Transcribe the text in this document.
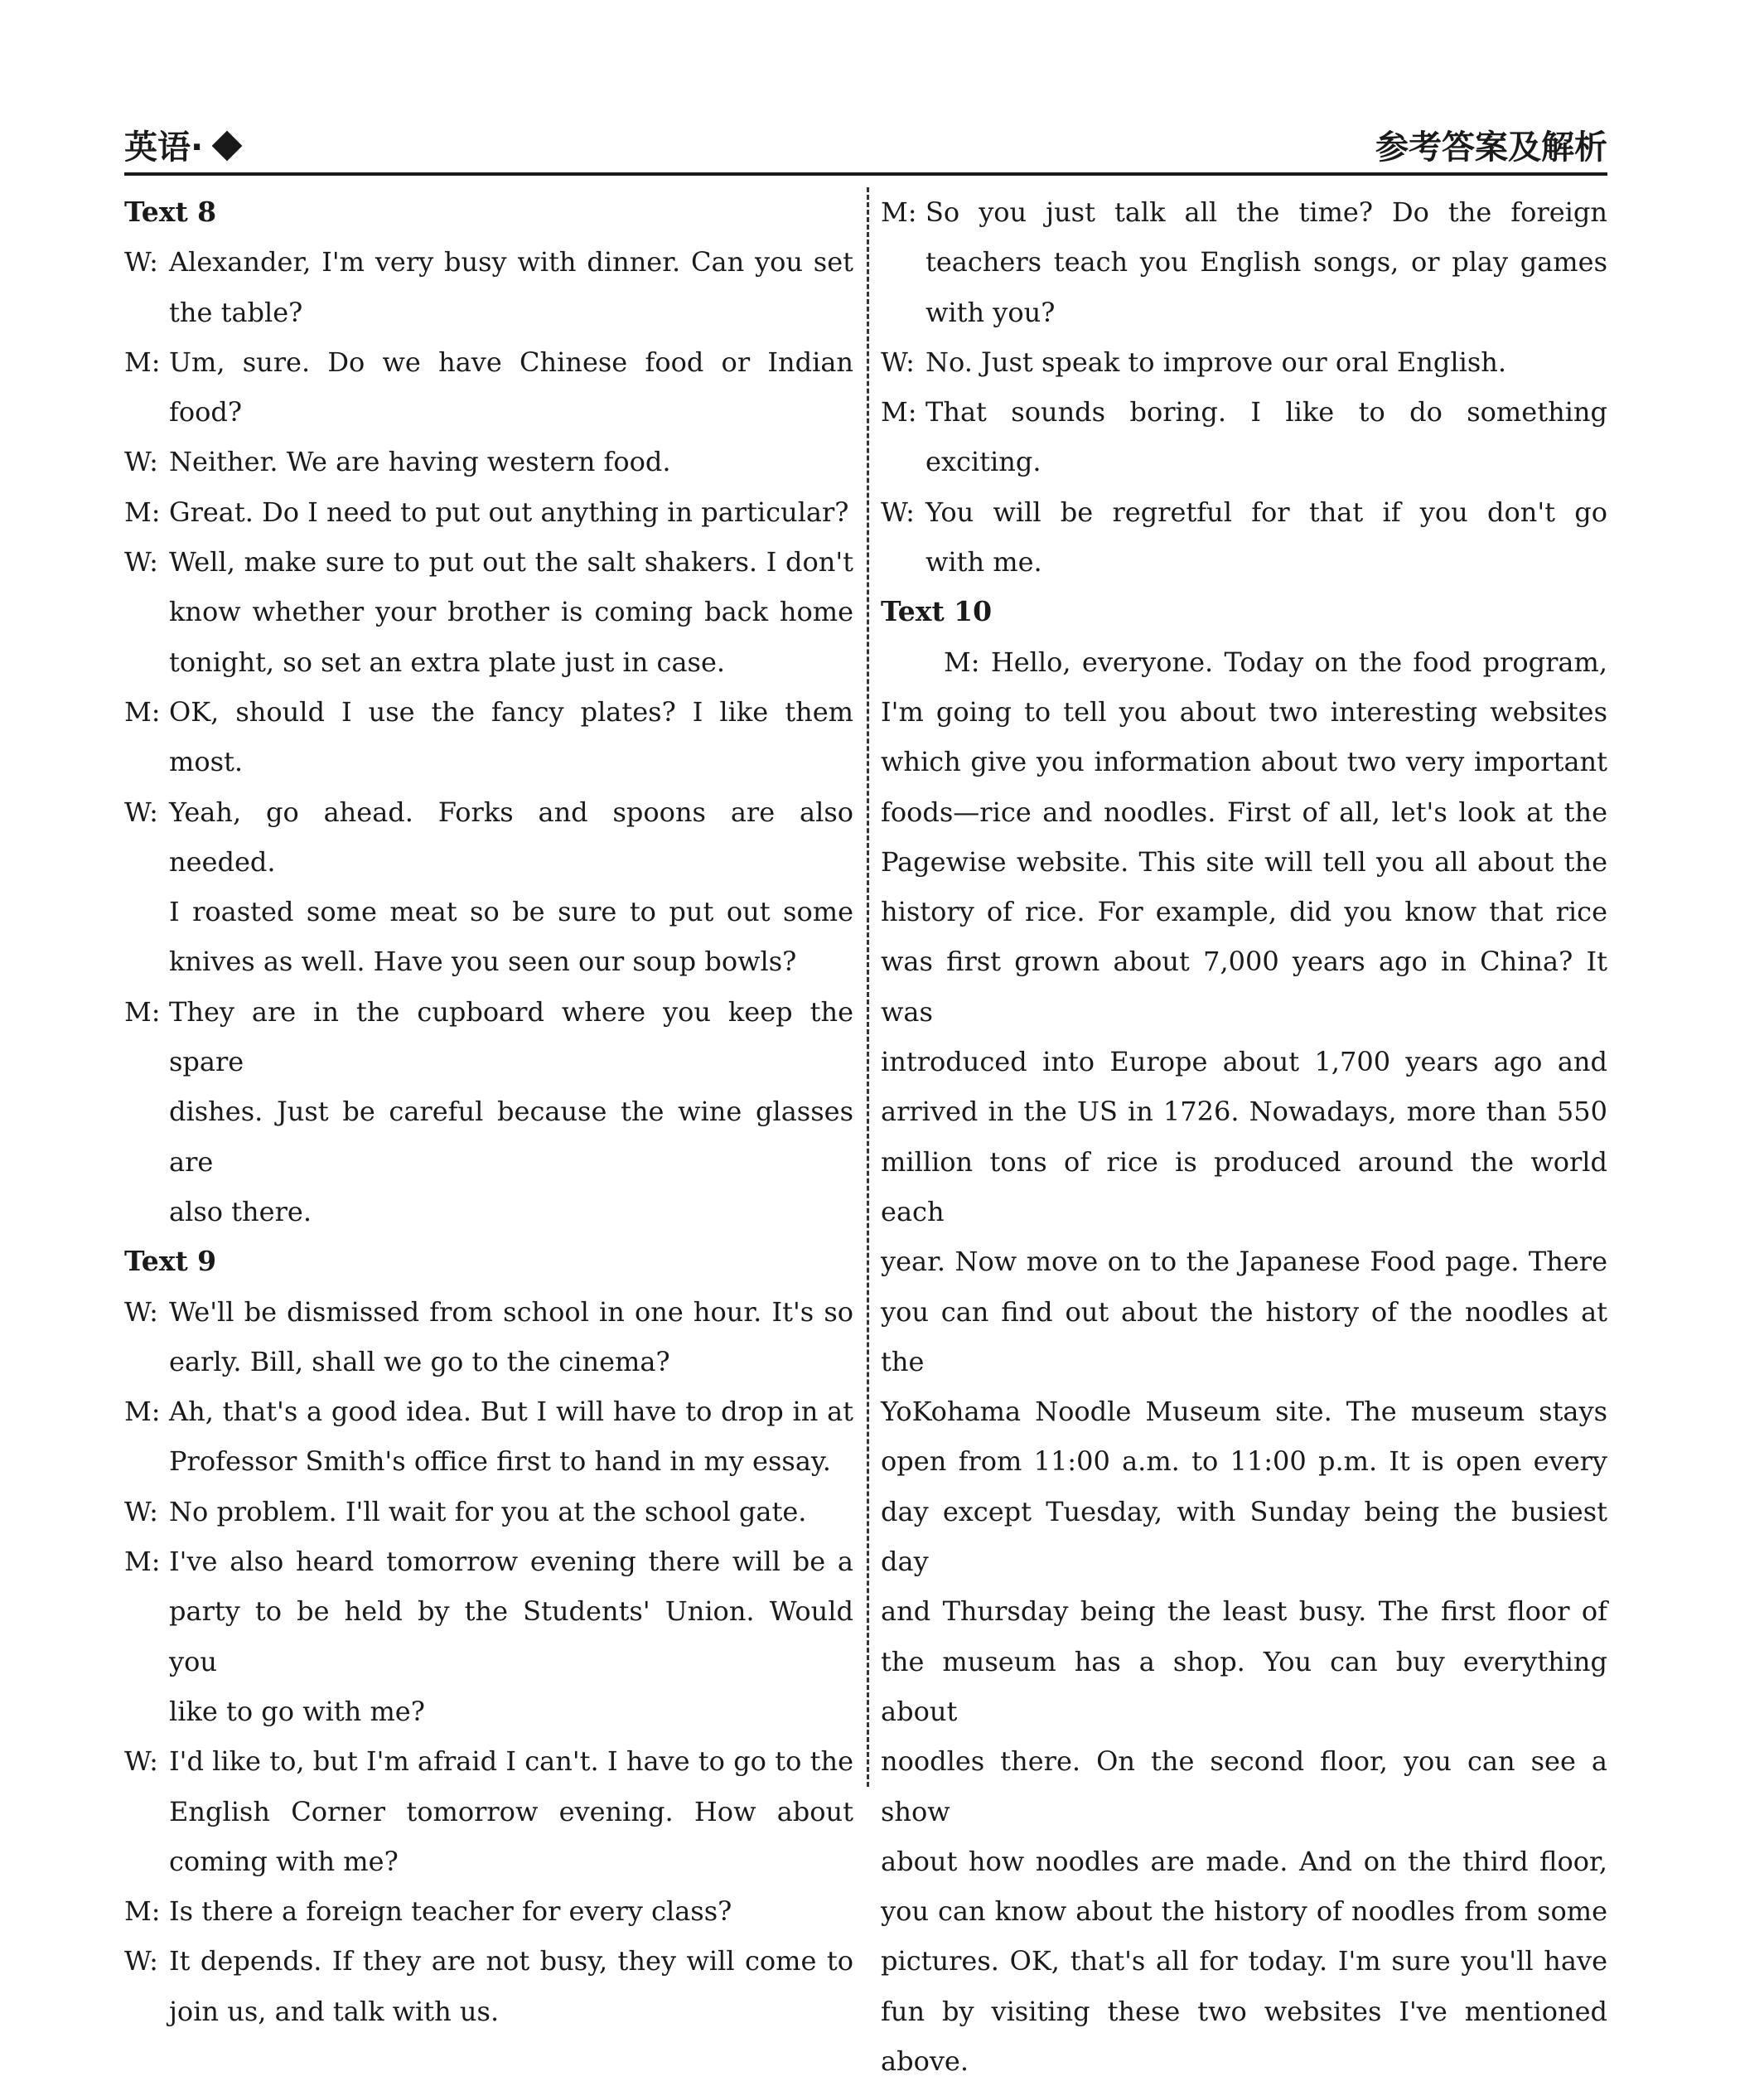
英语·	参考答案及解析
Text 8
W: Alexander, I'm very busy with dinner. Can you set
the table?
M: Um, sure. Do we have Chinese food or Indian food?
W: Neither. We are having western food.
M: Great. Do I need to put out anything in particular?
W: Well, make sure to put out the salt shakers. I don't
know whether your brother is coming back home
tonight, so set an extra plate just in case.
M: OK, should I use the fancy plates? I like them
most.
W: Yeah, go ahead. Forks and spoons are also needed.
I roasted some meat so be sure to put out some
knives as well. Have you seen our soup bowls?
M: They are in the cupboard where you keep the spare
dishes. Just be careful because the wine glasses are
also there.
Text 9
W: We'll be dismissed from school in one hour. It's so
early. Bill, shall we go to the cinema?
M: Ah, that's a good idea. But I will have to drop in at
Professor Smith's office first to hand in my essay.
W: No problem. I'll wait for you at the school gate.
M: I've also heard tomorrow evening there will be a
party to be held by the Students' Union. Would you
like to go with me?
W: I'd like to, but I'm afraid I can't. I have to go to the
English Corner tomorrow evening. How about
coming with me?
M: Is there a foreign teacher for every class?
W: It depends. If they are not busy, they will come to
join us, and talk with us.
M: So you just talk all the time? Do the foreign
teachers teach you English songs, or play games
with you?
W: No. Just speak to improve our oral English.
M: That sounds boring. I like to do something
exciting.
W: You will be regretful for that if you don't go
with me.
Text 10
M: Hello, everyone. Today on the food program,
I'm going to tell you about two interesting websites
which give you information about two very important
foods—rice and noodles. First of all, let's look at the
Pagewise website. This site will tell you all about the
history of rice. For example, did you know that rice
was first grown about 7,000 years ago in China? It was
introduced into Europe about 1,700 years ago and
arrived in the US in 1726. Nowadays, more than 550
million tons of rice is produced around the world each
year. Now move on to the Japanese Food page. There
you can find out about the history of the noodles at the
YoKohama Noodle Museum site. The museum stays
open from 11:00 a.m. to 11:00 p.m. It is open every
day except Tuesday, with Sunday being the busiest day
and Thursday being the least busy. The first floor of
the museum has a shop. You can buy everything about
noodles there. On the second floor, you can see a show
about how noodles are made. And on the third floor,
you can know about the history of noodles from some
pictures. OK, that's all for today. I'm sure you'll have
fun by visiting these two websites I've mentioned
above.
